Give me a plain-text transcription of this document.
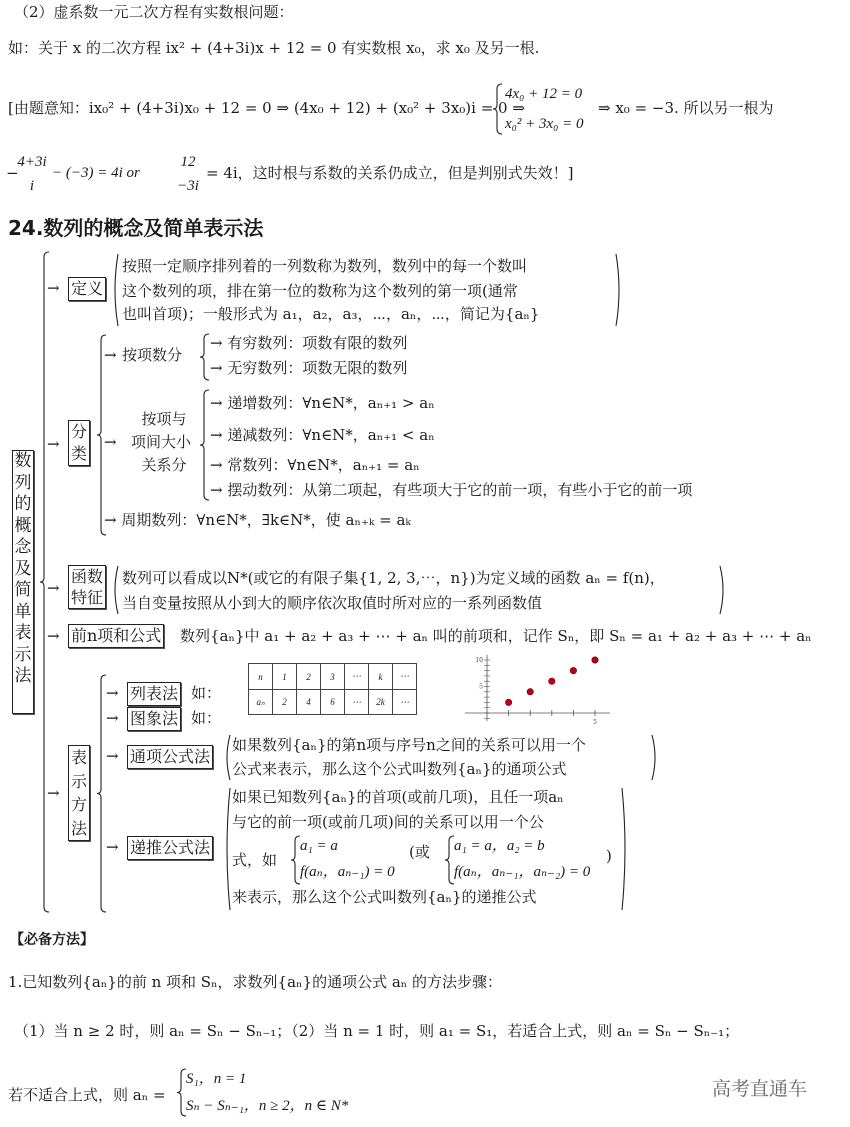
（2）虚系数一元二次方程有实数根问题：
如：关于 x 的二次方程 ix² + (4+3i)x + 12 = 0 有实数根 x₀，求 x₀ 及另一根.
[由题意知：ix₀² + (4+3i)x₀ + 12 = 0 ⇒ (4x₀ + 12) + (x₀² + 3x₀)i = 0 ⇒
4x₀ + 12 = 0
x₀² + 3x₀ = 0
⇒ x₀ = −3. 所以另一根为
−
4+3i
i
− (−3) = 4i or
12
−3i
= 4i，这时根与系数的关系仍成立，但是判别式失效！]
24.数列的概念及简单表示法
数列的概念及简单表示法
→ 定义
按照一定顺序排列着的一列数称为数列，数列中的每一个数叫
这个数列的项，排在第一位的数称为这个数列的第一项(通常
也叫首项)；一般形式为 a₁，a₂，a₃，⋯，aₙ，⋯，简记为{aₙ}
→
分类
→ 按项数分
→ 有穷数列：项数有限的数列
→ 无穷数列：项数无限的数列
按项与
项间大小
关系分
→
→ 递增数列：∀n∈N*，aₙ₊₁ > aₙ
→ 递减数列：∀n∈N*，aₙ₊₁ < aₙ
→ 常数列：∀n∈N*，aₙ₊₁ = aₙ
→ 摆动数列：从第二项起，有些项大于它的前一项，有些小于它的前一项
→ 周期数列：∀n∈N*，∃k∈N*，使 aₙ₊ₖ = aₖ
→
函数
特征
数列可以看成以N*(或它的有限子集{1, 2, 3,⋯，n})为定义域的函数 aₙ = f(n)，
当自变量按照从小到大的顺序依次取值时所对应的一系列函数值
→ 前n项和公式 数列{aₙ}中 a₁ + a₂ + a₃ + ⋯ + aₙ 叫的前项和，记作 Sₙ，即 Sₙ = a₁ + a₂ + a₃ + ⋯ + aₙ
→
表示方法
→ 列表法 如：
→ 图象法 如：
n	1	2	3	⋯	k	⋯
aₙ	2	4	6	⋯	2k	⋯
5
10
5
→ 通项公式法
如果数列{aₙ}的第n项与序号n之间的关系可以用一个
公式来表示，那么这个公式叫数列{aₙ}的通项公式
→ 递推公式法
如果已知数列{aₙ}的首项(或前几项)，且任一项aₙ
与它的前一项(或前几项)间的关系可以用一个公
式，如
a₁ = a
f(aₙ，aₙ₋₁) = 0
(或 a₁ = a，a₂ = b
f(aₙ，aₙ₋₁，aₙ₋₂) = 0
)
来表示，那么这个公式叫数列{aₙ}的递推公式
【必备方法】
1.已知数列{aₙ}的前 n 项和 Sₙ，求数列{aₙ}的通项公式 aₙ 的方法步骤：
（1）当 n ≥ 2 时，则 aₙ = Sₙ − Sₙ₋₁；（2）当 n = 1 时，则 a₁ = S₁，若适合上式，则 aₙ = Sₙ − Sₙ₋₁；
若不适合上式，则 aₙ =
S₁，n = 1
Sₙ − Sₙ₋₁，n ≥ 2，n ∈ N*
高考直通车
